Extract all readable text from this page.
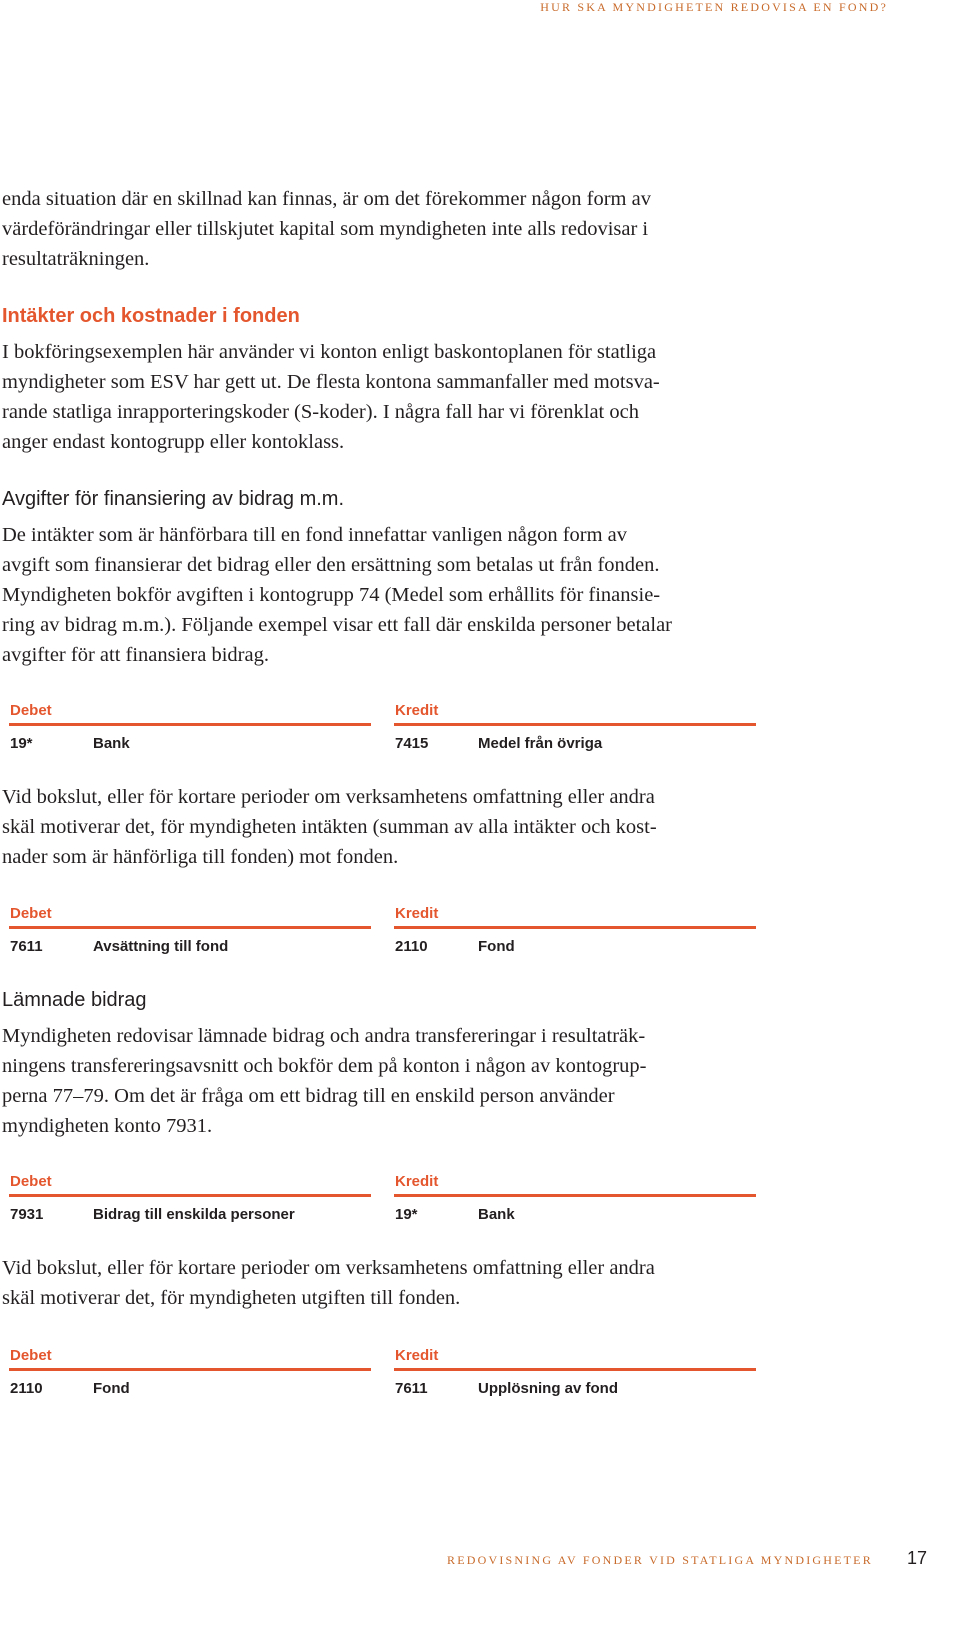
HUR SKA MYNDIGHETEN REDOVISA EN FOND?

enda situation där en skillnad kan finnas, är om det förekommer någon form av

värdeförändringar eller tillskjutet kapital som myndigheten inte alls redovisar i

resultaträkningen.

Intäkter och kostnader i fonden

I bokföringsexemplen här använder vi konton enligt baskontoplanen för statliga

myndigheter som ESV har gett ut. De flesta kontona sammanfaller med motsva-

rande statliga inrapporteringskoder (S-koder). I några fall har vi förenklat och

anger endast kontogrupp eller kontoklass.

Avgifter för finansiering av bidrag m.m.

De intäkter som är hänförbara till en fond innefattar vanligen någon form av

avgift som finansierar det bidrag eller den ersättning som betalas ut från fonden.

Myndigheten bokför avgiften i kontogrupp 74 (Medel som erhållits för finansie-

ring av bidrag m.m.). Följande exempel visar ett fall där enskilda personer betalar

avgifter för att finansiera bidrag.

Debet
19*	Bank
Kredit
7415	Medel från övriga

Vid bokslut, eller för kortare perioder om verksamhetens omfattning eller andra

skäl motiverar det, för myndigheten intäkten (summan av alla intäkter och kost-

nader som är hänförliga till fonden) mot fonden.

Debet
7611	Avsättning till fond
Kredit
2110	Fond
Lämnade bidrag

Myndigheten redovisar lämnade bidrag och andra transfereringar i resultaträk-

ningens transfereringsavsnitt och bokför dem på konton i någon av kontogrup-

perna 77–79. Om det är fråga om ett bidrag till en enskild person använder

myndigheten konto 7931.

Debet
7931	Bidrag till enskilda personer
Kredit
19*	Bank

Vid bokslut, eller för kortare perioder om verksamhetens omfattning eller andra

skäl motiverar det, för myndigheten utgiften till fonden.

Debet
2110	Fond
Kredit
7611	Upplösning av fond
REDOVISNING AV FONDER VID STATLIGA MYNDIGHETER 17
